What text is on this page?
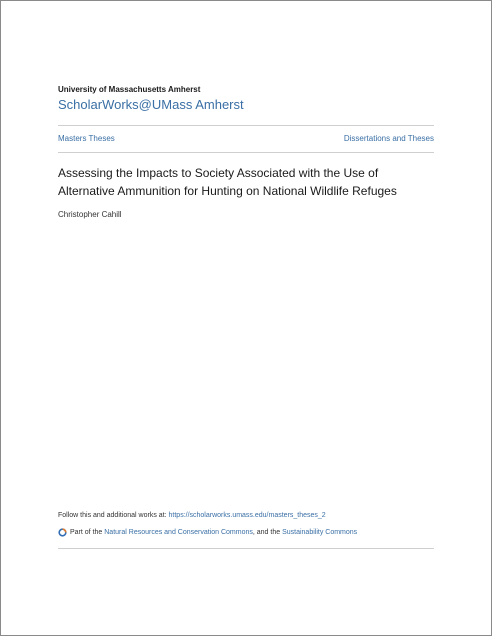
University of Massachusetts Amherst
ScholarWorks@UMass Amherst
Masters Theses	Dissertations and Theses
Assessing the Impacts to Society Associated with the Use of
Alternative Ammunition for Hunting on National Wildlife Refuges
Christopher Cahill
Follow this and additional works at: https://scholarworks.umass.edu/masters_theses_2
Part of the
Natural Resources and Conservation Commons , and the
Sustainability Commons
